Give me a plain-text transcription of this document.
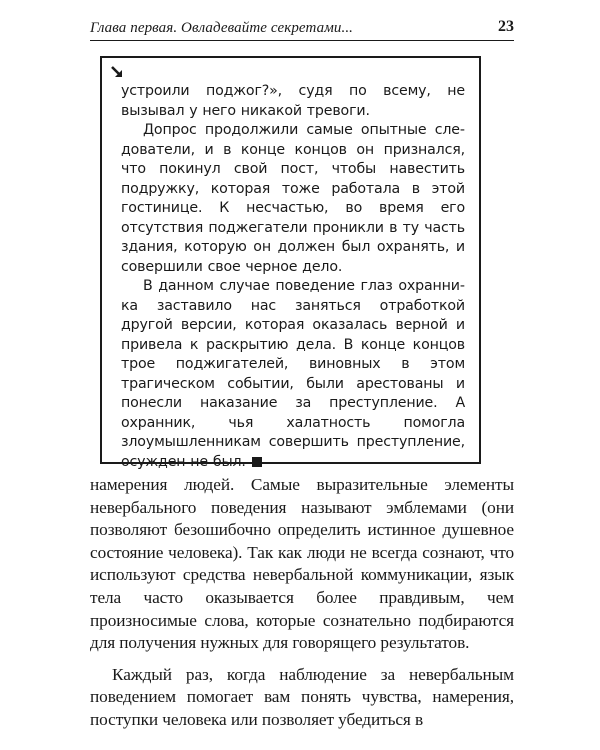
Глава первая. Овладевайте секретами...	23

устроили поджог?», судя по всему, не вызывал у него никакой тревоги.

Допрос продолжили самые опытные следователи, и в конце концов он признался, что покинул свой пост, чтобы навестить подружку, которая тоже работала в этой гостинице. К несчастью, во время его отсутствия поджегатели проникли в ту часть здания, которую он должен был охранять, и совершили свое черное дело.

В данном случае поведение глаз охранника заставило нас заняться отработкой другой версии, которая оказалась верной и привела к раскрытию дела. В конце концов трое поджигателей, виновных в этом трагическом событии, были арестованы и понесли наказание за преступление. А охранник, чья халатность помогла злоумышленникам совершить преступление, осужден не был.

намерения людей. Самые выразительные элементы невербального поведения называют эмблемами (они позволяют безошибочно определить истинное душевное состояние человека). Так как люди не всегда сознают, что используют средства невербальной коммуникации, язык тела часто оказывается более правдивым, чем произносимые слова, которые сознательно подбираются для получения нужных для говорящего результатов.

Каждый раз, когда наблюдение за невербальным поведением помогает вам понять чувства, намерения, поступки человека или позволяет убедиться в
